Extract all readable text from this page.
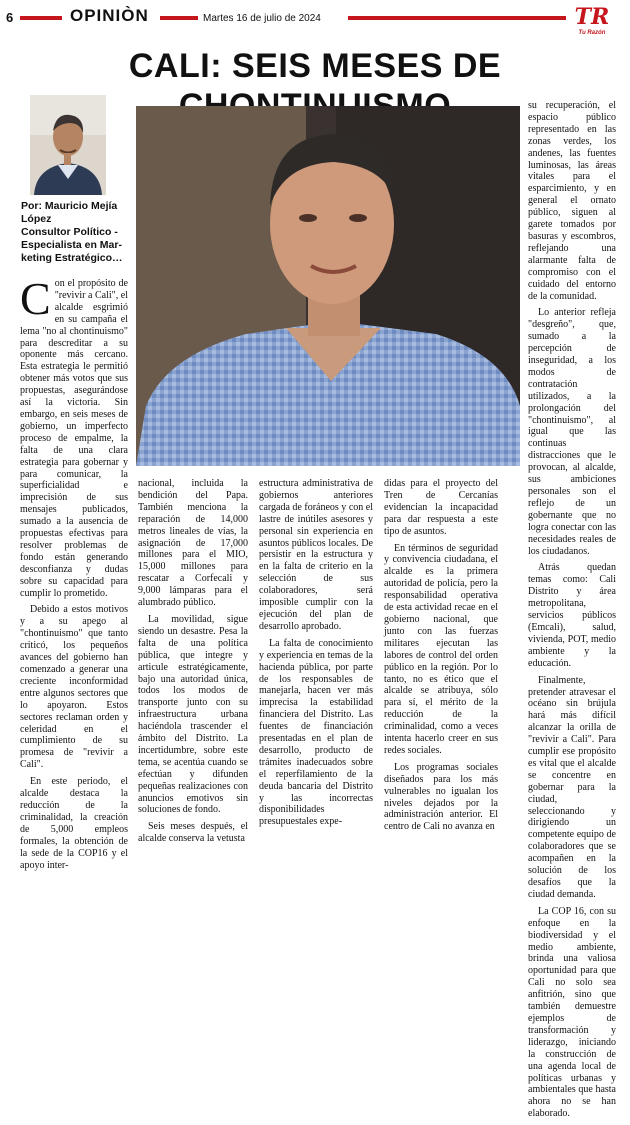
6	OPINIÒN	Martes 16 de julio de 2024	TR
Tu Razón
CALI: SEIS MESES DE
Por: Mauricio Mejía
López
Consultor Político -
Especialista en Mar-
keting Estratégico…

Con el propósito de "revivir a Cali", el alcalde esgrimió en su campaña el lema "no al chontinuismo" para descreditar a su oponente más cercano. Esta estrategia le permitió obtener más votos que sus propuestas, asegurándose así la victoria. Sin embargo, en seis meses de gobierno, un imperfecto proceso de empalme, la falta de una clara estrategia para gobernar y para comunicar, la superficialidad e imprecisión de sus mensajes publicados, sumado a la ausencia de propuestas efectivas para resolver problemas de fondo están generando desconfianza y dudas sobre su capacidad para cumplir lo prometido.

Debido a estos motivos y a su apego al "chontinuismo" que tanto criticó, los pequeños avances del gobierno han comenzado a generar una creciente inconformidad entre algunos sectores que lo apoyaron. Estos sectores reclaman orden y celeridad en el cumplimiento de su promesa de "revivir a Cali".

En este periodo, el alcalde destaca la reducción de la criminalidad, la creación de 5,000 empleos formales, la obtención de la sede de la COP16 y el apoyo inter-

nacional, incluida la bendición del Papa. También menciona la reparación de 14,000 metros lineales de vías, la asignación de 17,000 millones para el MIO, 15,000 millones para rescatar a Corfecali y 9,000 lámparas para el alumbrado público.

La movilidad, sigue siendo un desastre. Pesa la falta de una política pública, que integre y articule estratégicamente, bajo una autoridad única, todos los modos de transporte junto con su infraestructura urbana haciéndola trascender el ámbito del Distrito. La incertidumbre, sobre este tema, se acentúa cuando se efectúan y difunden pequeñas realizaciones con anuncios emotivos sin soluciones de fondo.

Seis meses después, el alcalde conserva la vetusta

estructura administrativa de gobiernos anteriores cargada de foráneos y con el lastre de inútiles asesores y personal sin experiencia en asuntos públicos locales. De persistir en la estructura y en la falta de criterio en la selección de sus colaboradores, será imposible cumplir con la ejecución del plan de desarrollo aprobado.

La falta de conocimiento y experiencia en temas de la hacienda pública, por parte de los responsables de manejarla, hacen ver más imprecisa la estabilidad financiera del Distrito. Las fuentes de financiación presentadas en el plan de desarrollo, producto de trámites inadecuados sobre el reperfilamiento de la deuda bancaria del Distrito y las incorrectas disponibilidades presupuestales expe-

didas para el proyecto del Tren de Cercanías evidencian la incapacidad para dar respuesta a este tipo de asuntos.

En términos de seguridad y convivencia ciudadana, el alcalde es la primera autoridad de policía, pero la responsabilidad operativa de esta actividad recae en el gobierno nacional, que junto con las fuerzas militares ejecutan las labores de control del orden público en la región. Por lo tanto, no es ético que el alcalde se atribuya, sólo para sí, el mérito de la reducción de la criminalidad, como a veces intenta hacerlo creer en sus redes sociales.

Los programas sociales diseñados para los más vulnerables no igualan los niveles dejados por la administración anterior. El centro de Cali no avanza en

su recuperación, el espacio público representado en las zonas verdes, los andenes, las fuentes luminosas, las áreas vitales para el esparcimiento, y en general el ornato público, siguen al garete tomados por basuras y escombros, reflejando una alarmante falta de compromiso con el cuidado del entorno de la comunidad.

Lo anterior refleja "desgreño", que, sumado a la percepción de inseguridad, a los modos de contratación utilizados, a la prolongación del "chontinuismo", al igual que las continuas distracciones que le provocan, al alcalde, sus ambiciones personales son el reflejo de un gobernante que no logra conectar con las necesidades reales de los ciudadanos.

Atrás quedan temas como: Cali Distrito y área metropolitana, servicios públicos (Emcali), salud, vivienda, POT, medio ambiente y la educación.

Finalmente, pretender atravesar el océano sin brújula hará más difícil alcanzar la orilla de "revivir a Cali". Para cumplir ese propósito es vital que el alcalde se concentre en gobernar para la ciudad, seleccionando y dirigiendo un competente equipo de colaboradores que se acompañen en la solución de los desafíos que la ciudad demanda.

La COP 16, con su enfoque en la biodiversidad y el medio ambiente, brinda una valiosa oportunidad para que Cali no solo sea anfitrión, sino que también demuestre ejemplos de transformación y liderazgo, iniciando la construcción de una agenda local de políticas urbanas y ambientales que hasta ahora no se han elaborado.
